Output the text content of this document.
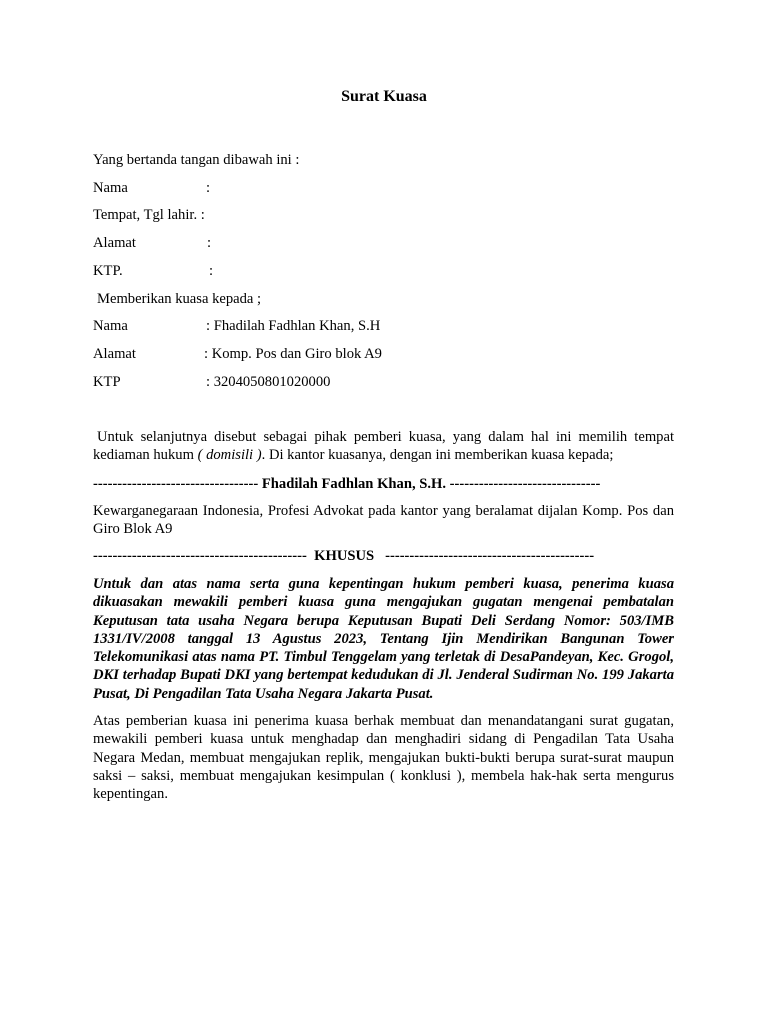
Surat Kuasa
Yang bertanda tangan dibawah ini :
Nama	:
Tempat, Tgl lahir. :
Alamat	:
KTP.	:
Memberikan kuasa kepada ;
Nama	: Fhadilah Fadhlan Khan, S.H
Alamat	: Komp. Pos dan Giro blok A9
KTP	: 3204050801020000
Untuk selanjutnya disebut sebagai pihak pemberi kuasa, yang dalam hal ini memilih tempat kediaman hukum ( domisili ). Di kantor kuasanya, dengan ini memberikan kuasa kepada;
---------------------------------- Fhadilah Fadhlan Khan, S.H. -------------------------------
Kewarganegaraan Indonesia, Profesi Advokat pada kantor yang beralamat dijalan Komp. Pos dan Giro Blok A9
-------------------------------------------- KHUSUS -------------------------------------------
Untuk dan atas nama serta guna kepentingan hukum pemberi kuasa, penerima kuasa dikuasakan mewakili pemberi kuasa guna mengajukan gugatan mengenai pembatalan Keputusan tata usaha Negara berupa Keputusan Bupati Deli Serdang Nomor: 503/IMB 1331/IV/2008 tanggal 13 Agustus 2023, Tentang Ijin Mendirikan Bangunan Tower Telekomunikasi atas nama PT. Timbul Tenggelam yang terletak di DesaPandeyan, Kec. Grogol, DKI terhadap Bupati DKI yang bertempat kedudukan di Jl. Jenderal Sudirman No. 199 Jakarta Pusat, Di Pengadilan Tata Usaha Negara Jakarta Pusat.
Atas pemberian kuasa ini penerima kuasa berhak membuat dan menandatangani surat gugatan, mewakili pemberi kuasa untuk menghadap dan menghadiri sidang di Pengadilan Tata Usaha Negara Medan, membuat mengajukan replik, mengajukan bukti-bukti berupa surat-surat maupun saksi – saksi, membuat mengajukan kesimpulan ( konklusi ), membela hak-hak serta mengurus kepentingan.
